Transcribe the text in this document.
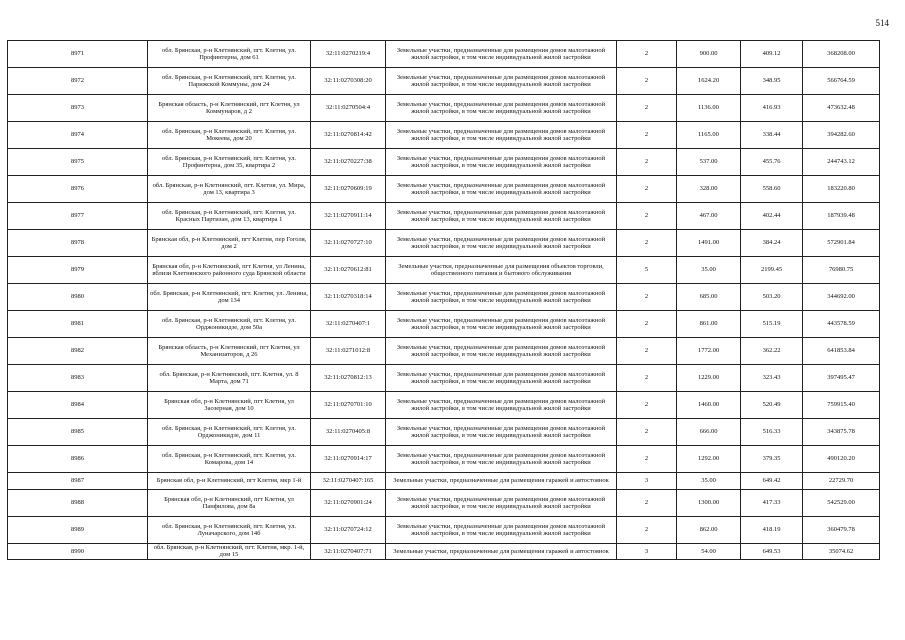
514
8971	обл. Брянская, р-н Клетнянский, пгт. Клетня, ул. Профинтерна, дом 61	32:11:0270219:4	Земельные участки, предназначенные для размещения домов малоэтажной жилой застройки, в том числе индивидуальной жилой застройки	2	900.00	409.12	368208.00
8972	обл. Брянская, р-н Клетнянский, пгт. Клетня, ул. Парижской Коммуны, дом 24	32:11:0270308:20	Земельные участки, предназначенные для размещения домов малоэтажной жилой застройки, в том числе индивидуальной жилой застройки	2	1624.20	348.95	566764.59
8973	Брянская область, р-н Клетнянский, пгт Клетня, ул Коммунаров, д 2	32:11:0270504:4	Земельные участки, предназначенные для размещения домов малоэтажной жилой застройки, в том числе индивидуальной жилой застройки	2	1136.00	416.93	473632.48
8974	обл. Брянская, р-н Клетнянский, пгт. Клетня, ул. Мокеева, дом 20	32:11:0270814:42	Земельные участки, предназначенные для размещения домов малоэтажной жилой застройки, в том числе индивидуальной жилой застройки	2	1165.00	338.44	394282.60
8975	обл. Брянская, р-н Клетнянский, пгт. Клетня, ул. Профинтерна, дом 35, квартира 2	32:11:0270227:38	Земельные участки, предназначенные для размещения домов малоэтажной жилой застройки, в том числе индивидуальной жилой застройки	2	537.00	455.76	244743.12
8976	обл. Брянская, р-н Клетнянский, пгт. Клетня, ул. Мира, дом 13, квартира 3	32:11:0270609:19	Земельные участки, предназначенные для размещения домов малоэтажной жилой застройки, в том числе индивидуальной жилой застройки	2	328.00	558.60	183220.80
8977	обл. Брянская, р-н Клетнянский, пгт. Клетня, ул. Красных Партизан, дом 13, квартира 1	32:11:0270911:14	Земельные участки, предназначенные для размещения домов малоэтажной жилой застройки, в том числе индивидуальной жилой застройки	2	467.00	402.44	187939.48
8978	Брянская обл, р-н Клетнянский, пгт Клетня, пер Гоголя, дом 2	32:11:0270727:10	Земельные участки, предназначенные для размещения домов малоэтажной жилой застройки, в том числе индивидуальной жилой застройки	2	1491.00	384.24	572901.84
8979	Брянская обл, р-н Клетнянский, пгт Клетня, ул Ленина, вблизи Клетнянского районного суда Брянской области	32:11:0270612:81	Земельные участки, предназначенные для размещения объектов торговли, общественного питания и бытового обслуживания	5	35.00	2199.45	76980.75
8980	обл. Брянская, р-н Клетнянский, пгт. Клетня, ул. Ленина, дом 134	32:11:0270318:14	Земельные участки, предназначенные для размещения домов малоэтажной жилой застройки, в том числе индивидуальной жилой застройки	2	685.00	503.20	344692.00
8981	обл. Брянская, р-н Клетнянский, пгт. Клетня, ул. Орджоникидзе, дом 50а	32:11:0270407:1	Земельные участки, предназначенные для размещения домов малоэтажной жилой застройки, в том числе индивидуальной жилой застройки	2	861.00	515.19	443578.59
8982	Брянская область, р-н Клетнянский, пгт Клетня, ул Механизаторов, д 26	32:11:0271012:8	Земельные участки, предназначенные для размещения домов малоэтажной жилой застройки, в том числе индивидуальной жилой застройки	2	1772.00	362.22	641853.84
8983	обл. Брянская, р-н Клетнянский, пгт. Клетня, ул. 8 Марта, дом 71	32:11:0270812:13	Земельные участки, предназначенные для размещения домов малоэтажной жилой застройки, в том числе индивидуальной жилой застройки	2	1229.00	323.43	397495.47
8984	Брянская обл, р-н Клетнянский, пгт Клетня, ул Заозерная, дом 10	32:11:0270701:10	Земельные участки, предназначенные для размещения домов малоэтажной жилой застройки, в том числе индивидуальной жилой застройки	2	1460.00	520.49	759915.40
8985	обл. Брянская, р-н Клетнянский, пгт. Клетня, ул. Орджоникидзе, дом 11	32:11:0270405:8	Земельные участки, предназначенные для размещения домов малоэтажной жилой застройки, в том числе индивидуальной жилой застройки	2	666.00	516.33	343875.78
8986	обл. Брянская, р-н Клетнянский, пгт. Клетня, ул. Комарова, дом 14	32:11:0270914:17	Земельные участки, предназначенные для размещения домов малоэтажной жилой застройки, в том числе индивидуальной жилой застройки	2	1292.00	379.35	490120.20
8987	Брянская обл, р-н Клетнянский, пгт Клетня, мкр 1-й	32:11:0270407:165	Земельные участки, предназначенные для размещения гаражей и автостоянок	3	35.00	649.42	22729.70
8988	Брянская обл, р-н Клетнянский, пгт Клетня, ул Панфилова, дом 8а	32:11:0270901:24	Земельные участки, предназначенные для размещения домов малоэтажной жилой застройки, в том числе индивидуальной жилой застройки	2	1300.00	417.33	542529.00
8989	обл. Брянская, р-н Клетнянский, пгт. Клетня, ул. Луначарского, дом 14б	32:11:0270724:12	Земельные участки, предназначенные для размещения домов малоэтажной жилой застройки, в том числе индивидуальной жилой застройки	2	862.00	418.19	360479.78
8990	обл. Брянская, р-н Клетнянский, пгт. Клетня, мкр. 1-й, дом 15	32:11:0270407:71	Земельные участки, предназначенные для размещения гаражей и автостоянок	3	54.00	649.53	35074.62
